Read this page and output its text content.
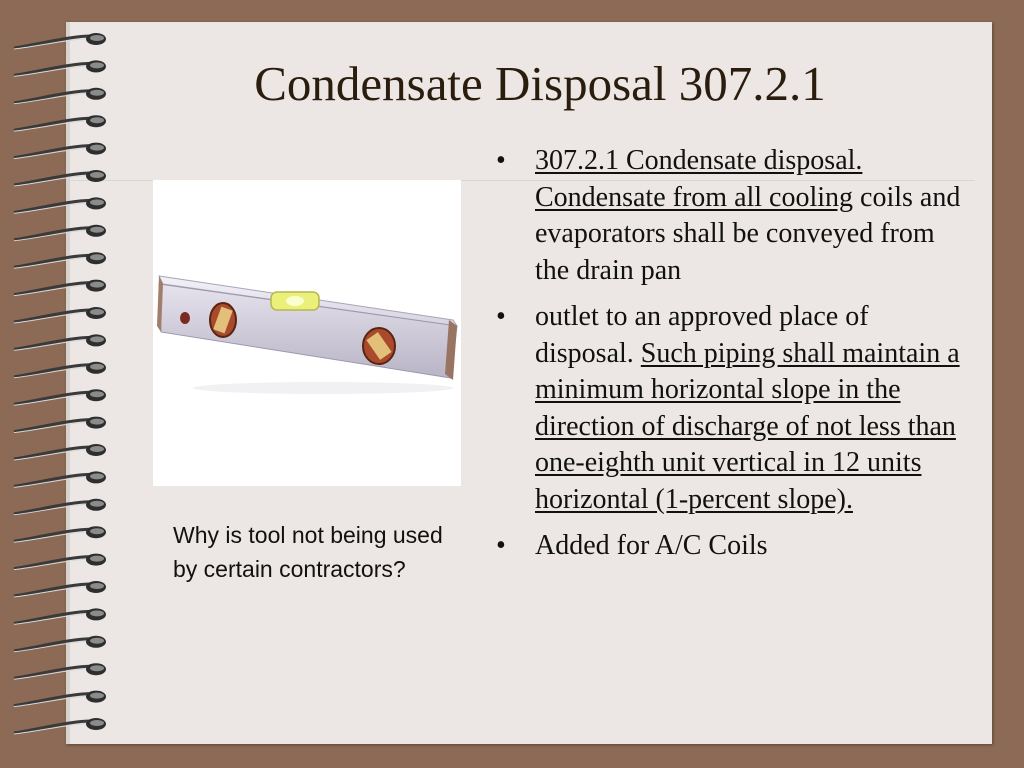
Condensate Disposal 307.2.1
Why is tool not being used by certain contractors?
• 307.2.1 Condensate disposal. Condensate from all cooling coils and evaporators shall be conveyed from the drain pan
• outlet to an approved place of disposal. Such piping shall maintain a minimum horizontal slope in the direction of discharge of not less than one-eighth unit vertical in 12 units horizontal (1-percent slope).
• Added for A/C Coils
